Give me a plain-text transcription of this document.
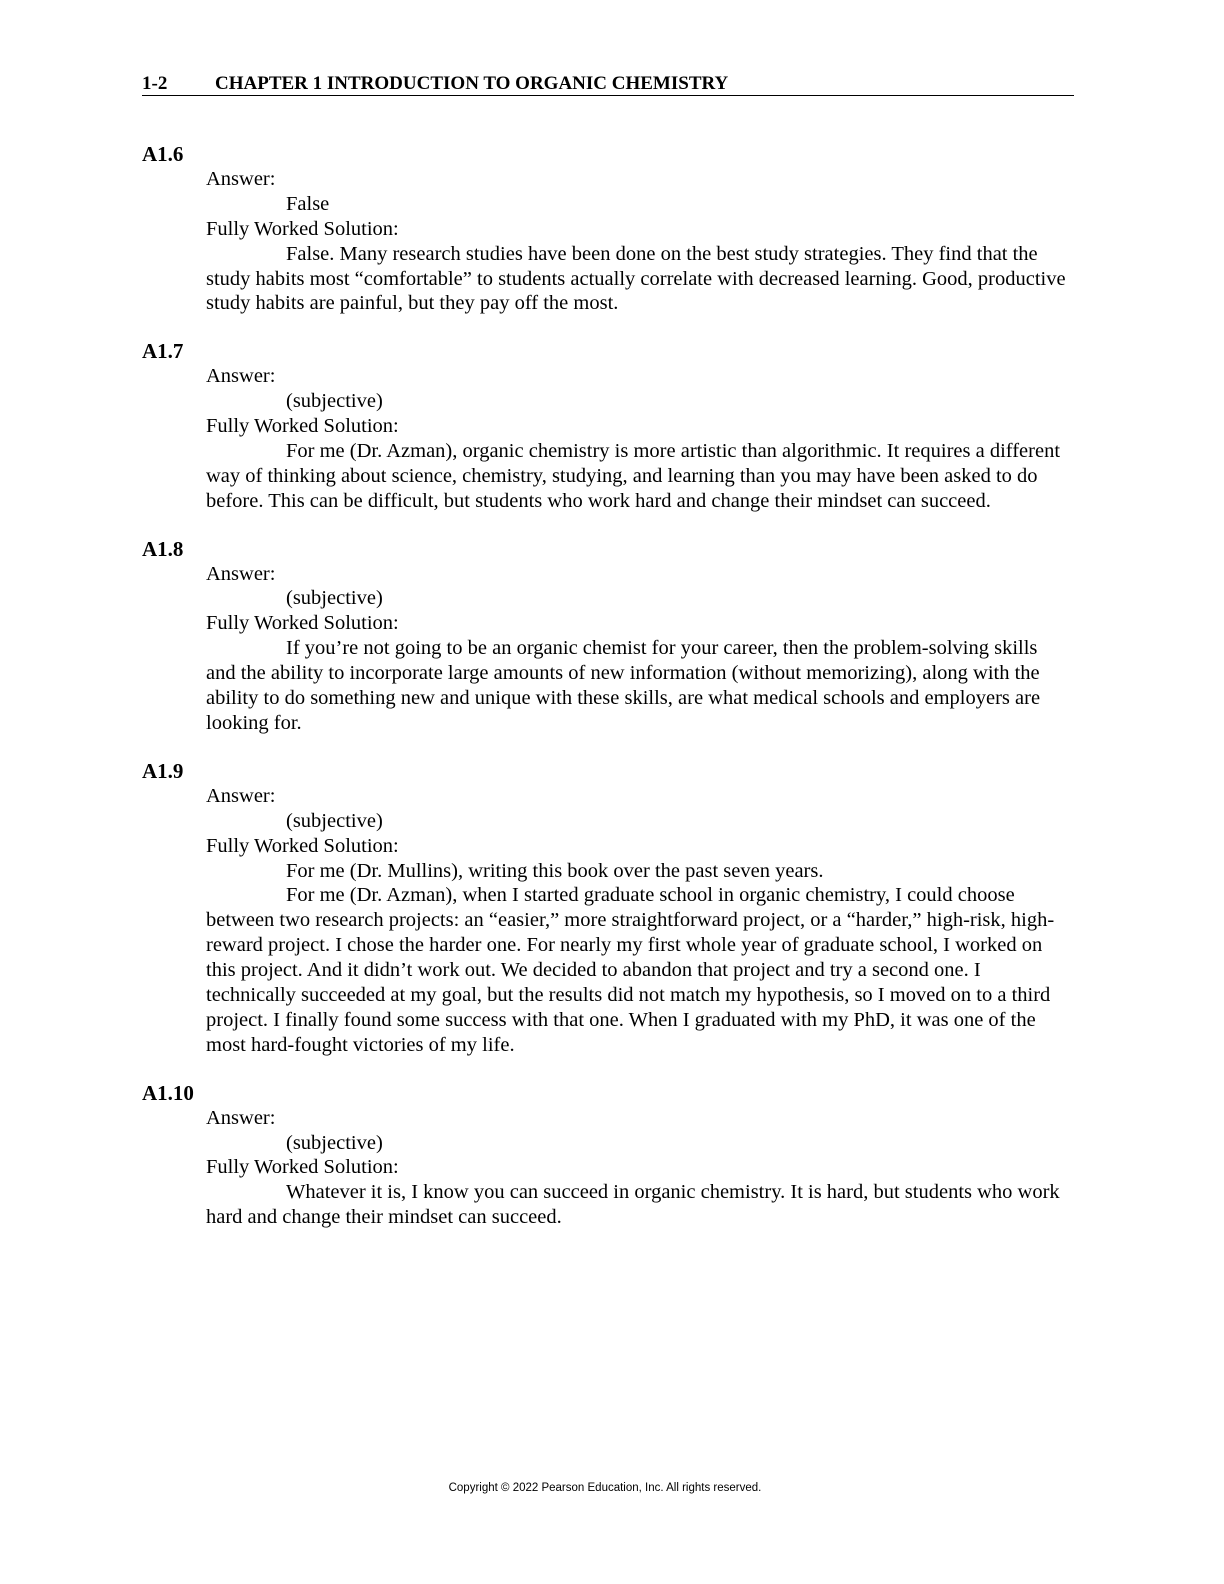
1-2	CHAPTER 1 INTRODUCTION TO ORGANIC CHEMISTRY
A1.6
Answer:
False
Fully Worked Solution:
False. Many research studies have been done on the best study strategies. They find that the study habits most “comfortable” to students actually correlate with decreased learning. Good, productive study habits are painful, but they pay off the most.
A1.7
Answer:
(subjective)
Fully Worked Solution:
For me (Dr. Azman), organic chemistry is more artistic than algorithmic. It requires a different way of thinking about science, chemistry, studying, and learning than you may have been asked to do before. This can be difficult, but students who work hard and change their mindset can succeed.
A1.8
Answer:
(subjective)
Fully Worked Solution:
If you’re not going to be an organic chemist for your career, then the problem-solving skills and the ability to incorporate large amounts of new information (without memorizing), along with the ability to do something new and unique with these skills, are what medical schools and employers are looking for.
A1.9
Answer:
(subjective)
Fully Worked Solution:
For me (Dr. Mullins), writing this book over the past seven years.
For me (Dr. Azman), when I started graduate school in organic chemistry, I could choose between two research projects: an “easier,” more straightforward project, or a “harder,” high-risk, high-reward project. I chose the harder one. For nearly my first whole year of graduate school, I worked on this project. And it didn’t work out. We decided to abandon that project and try a second one. I technically succeeded at my goal, but the results did not match my hypothesis, so I moved on to a third project. I finally found some success with that one. When I graduated with my PhD, it was one of the most hard-fought victories of my life.
A1.10
Answer:
(subjective)
Fully Worked Solution:
Whatever it is, I know you can succeed in organic chemistry. It is hard, but students who work hard and change their mindset can succeed.
Copyright © 2022 Pearson Education, Inc. All rights reserved.
